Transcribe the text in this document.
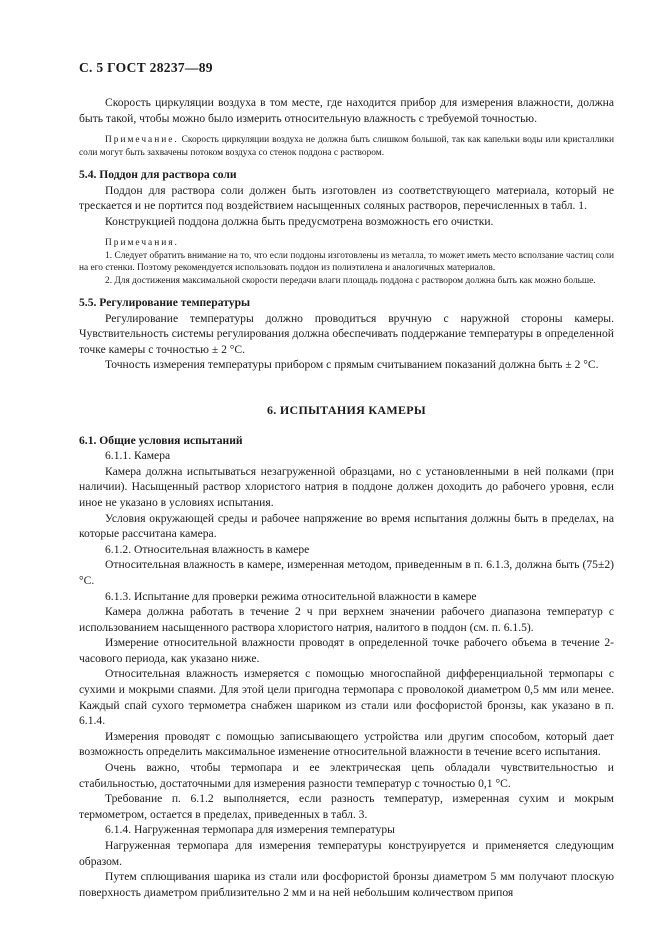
С. 5 ГОСТ 28237—89

Скорость циркуляции воздуха в том месте, где находится прибор для измерения влажности, должна быть такой, чтобы можно было измерить относительную влажность с требуемой точностью.

Примечание. Скорость циркуляции воздуха не должна быть слишком большой, так как капельки воды или кристаллики соли могут быть захвачены потоком воздуха со стенок поддона с раствором.

5.4. Поддон для раствора соли

Поддон для раствора соли должен быть изготовлен из соответствующего материала, который не трескается и не портится под воздействием насыщенных соляных растворов, перечисленных в табл. 1.

Конструкцией поддона должна быть предусмотрена возможность его очистки.

Примечания.

1. Следует обратить внимание на то, что если поддоны изготовлены из металла, то может иметь место всползание частиц соли на его стенки. Поэтому рекомендуется использовать поддон из полиэтилена и аналогичных материалов.

2. Для достижения максимальной скорости передачи влаги площадь поддона с раствором должна быть как можно больше.

5.5. Регулирование температуры

Регулирование температуры должно проводиться вручную с наружной стороны камеры. Чувствительность системы регулирования должна обеспечивать поддержание температуры в определенной точке камеры с точностью ± 2 °С.

Точность измерения температуры прибором с прямым считыванием показаний должна быть ± 2 °С.

6. ИСПЫТАНИЯ КАМЕРЫ

6.1. Общие условия испытаний

6.1.1. Камера

Камера должна испытываться незагруженной образцами, но с установленными в ней полками (при наличии). Насыщенный раствор хлористого натрия в поддоне должен доходить до рабочего уровня, если иное не указано в условиях испытания.

Условия окружающей среды и рабочее напряжение во время испытания должны быть в пределах, на которые рассчитана камера.

6.1.2. Относительная влажность в камере

Относительная влажность в камере, измеренная методом, приведенным в п. 6.1.3, должна быть (75±2) °С.

6.1.3. Испытание для проверки режима относительной влажности в камере

Камера должна работать в течение 2 ч при верхнем значении рабочего диапазона температур с использованием насыщенного раствора хлористого натрия, налитого в поддон (см. п. 6.1.5).

Измерение относительной влажности проводят в определенной точке рабочего объема в течение 2-часового периода, как указано ниже.

Относительная влажность измеряется с помощью многоспайной дифференциальной термопары с сухими и мокрыми спаями. Для этой цели пригодна термопара с проволокой диаметром 0,5 мм или менее. Каждый спай сухого термометра снабжен шариком из стали или фосфористой бронзы, как указано в п. 6.1.4.

Измерения проводят с помощью записывающего устройства или другим способом, который дает возможность определить максимальное изменение относительной влажности в течение всего испытания.

Очень важно, чтобы термопара и ее электрическая цепь обладали чувствительностью и стабильностью, достаточными для измерения разности температур с точностью 0,1 °С.

Требование п. 6.1.2 выполняется, если разность температур, измеренная сухим и мокрым термометром, остается в пределах, приведенных в табл. 3.

6.1.4. Нагруженная термопара для измерения температуры

Нагруженная термопара для измерения температуры конструируется и применяется следующим образом.

Путем сплющивания шарика из стали или фосфористой бронзы диаметром 5 мм получают плоскую поверхность диаметром приблизительно 2 мм и на ней небольшим количеством припоя
